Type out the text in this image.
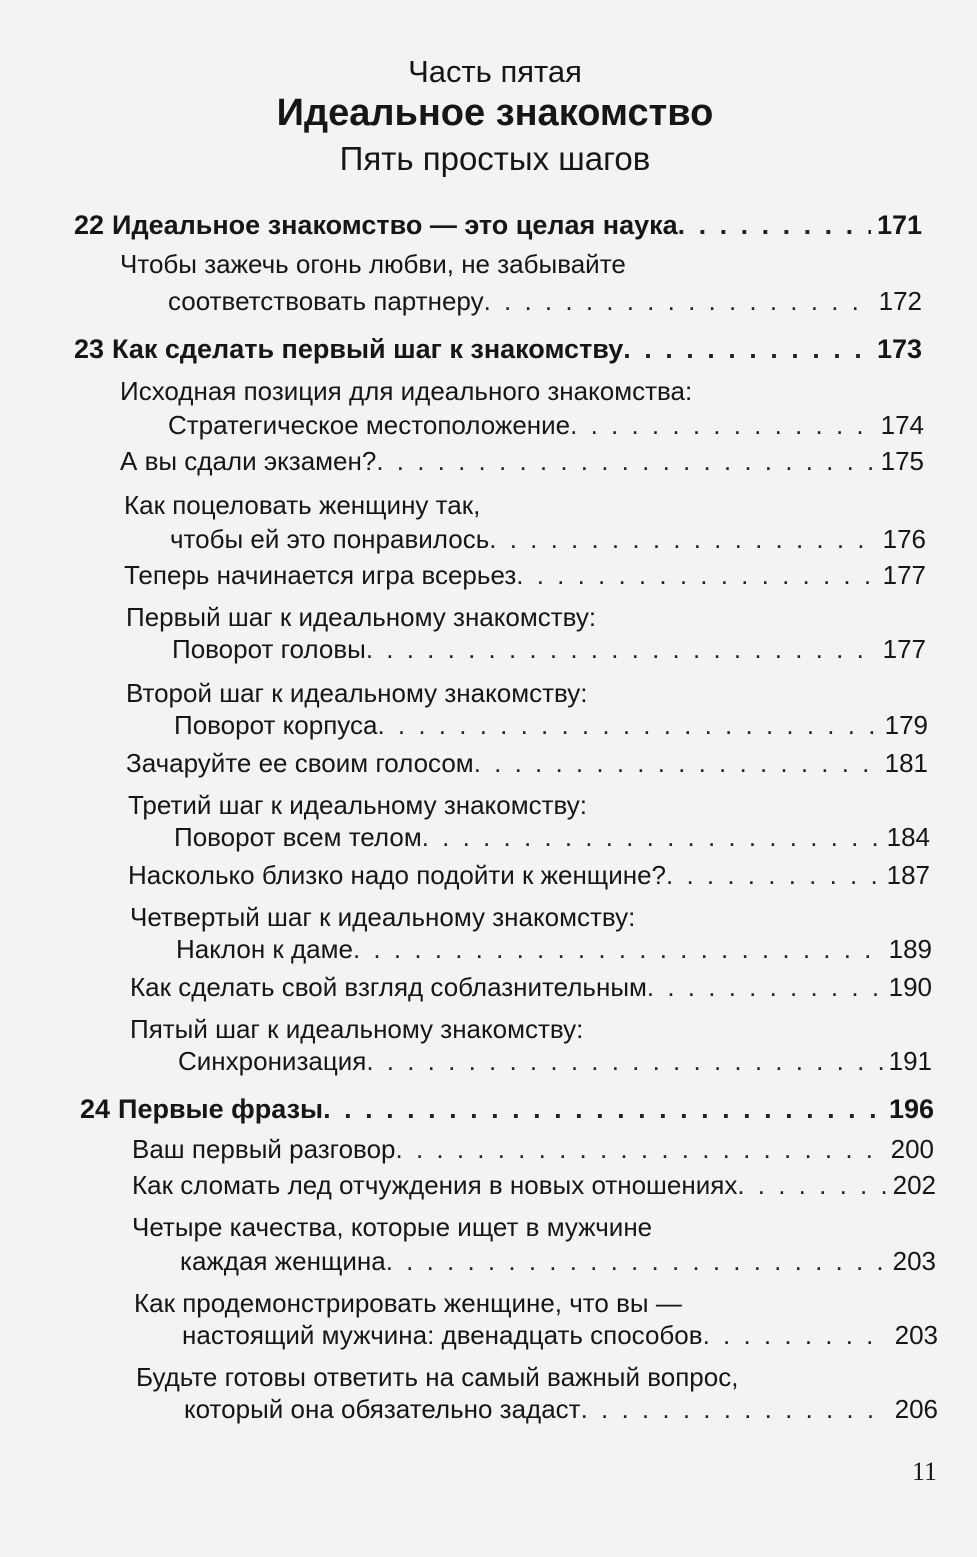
Часть пятая
Идеальное знакомство
Пять простых шагов
22 Идеальное знакомство — это целая наука . . .	171
Чтобы зажечь огонь любви, не забывайте
соответствовать партнеру . . .	172
23 Как сделать первый шаг к знакомству . . .	173
Исходная позиция для идеального знакомства:
Стратегическое местоположение . . .	174
А вы сдали экзамен? . . .	175
Как поцеловать женщину так,
чтобы ей это понравилось . . .	176
Теперь начинается игра всерьез . . .	177
Первый шаг к идеальному знакомству:
Поворот головы . . .	177
Второй шаг к идеальному знакомству:
Поворот корпуса . . .	179
Зачаруйте ее своим голосом . . .	181
Третий шаг к идеальному знакомству:
Поворот всем телом . . .	184
Насколько близко надо подойти к женщине? . . .	187
Четвертый шаг к идеальному знакомству:
Наклон к даме . . .	189
Как сделать свой взгляд соблазнительным . . .	190
Пятый шаг к идеальному знакомству:
Синхронизация . . .	191
24 Первые фразы . . .	196
Ваш первый разговор . . .	200
Как сломать лед отчуждения в новых отношениях . . .	202
Четыре качества, которые ищет в мужчине
каждая женщина . . .	203
Как продемонстрировать женщине, что вы —
настоящий мужчина: двенадцать способов . . .	203
Будьте готовы ответить на самый важный вопрос,
который она обязательно задаст . . .	206
11
